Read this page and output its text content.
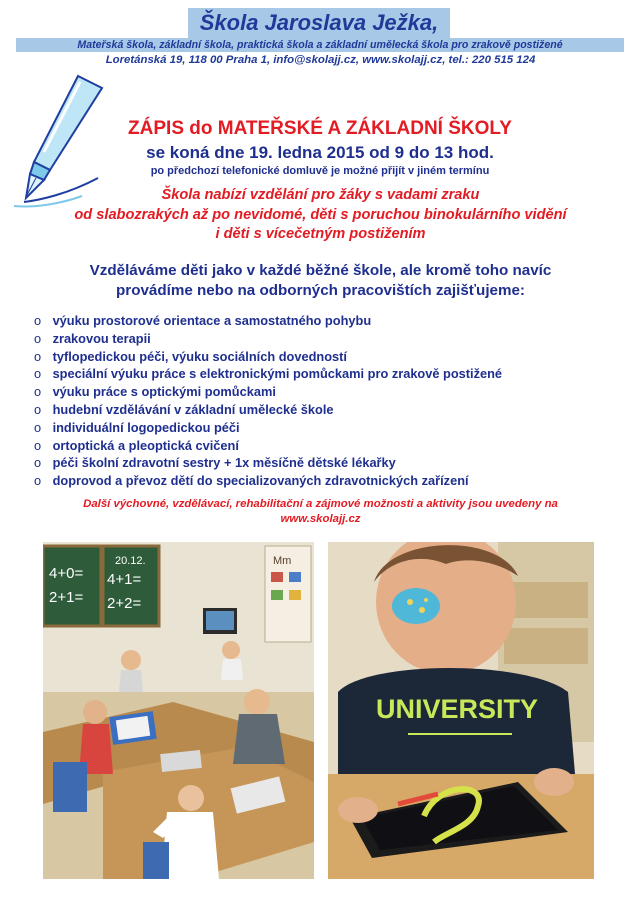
Škola Jaroslava Ježka,
Mateřská škola, základní škola, praktická škola a základní umělecká škola pro zrakově postižené
Loretánská 19, 118 00 Praha 1, info@skolajj.cz, www.skolajj.cz, tel.: 220 515 124
ZÁPIS do MATEŘSKÉ A ZÁKLADNÍ ŠKOLY
se koná dne 19. ledna 2015 od 9 do 13 hod.
po předchozí telefonické domluvě je možné přijít v jiném termínu
Škola nabízí vzdělání pro žáky s vadami zraku
od slabozrakých až po nevidomé, děti s poruchou binokulárního vidění
i děti s vícečetným postižením
Vzděláváme děti jako v každé běžné škole, ale kromě toho navíc
provádíme nebo na odborných pracovištích zajišťujeme:
o výuku prostorové orientace a samostatného pohybu
o zrakovou terapii
o tyflopedickou péči, výuku sociálních dovedností
o speciální výuku práce s elektronickými pomůckami pro zrakově postižené
o výuku práce s optickými pomůckami
o hudební vzdělávání v základní umělecké škole
o individuální logopedickou péči
o ortoptická a pleoptická cvičení
o péči školní zdravotní sestry + 1x měsíčně dětské lékařky
o doprovod a převoz dětí do specializovaných zdravotnických zařízení
Další výchovné, vzdělávací, rehabilitační a zájmové možnosti a aktivity jsou uvedeny na
www.skolajj.cz
4+0=
2+1=
20.12.
4+1=
2+2=
Mm
UNIVERSITY
